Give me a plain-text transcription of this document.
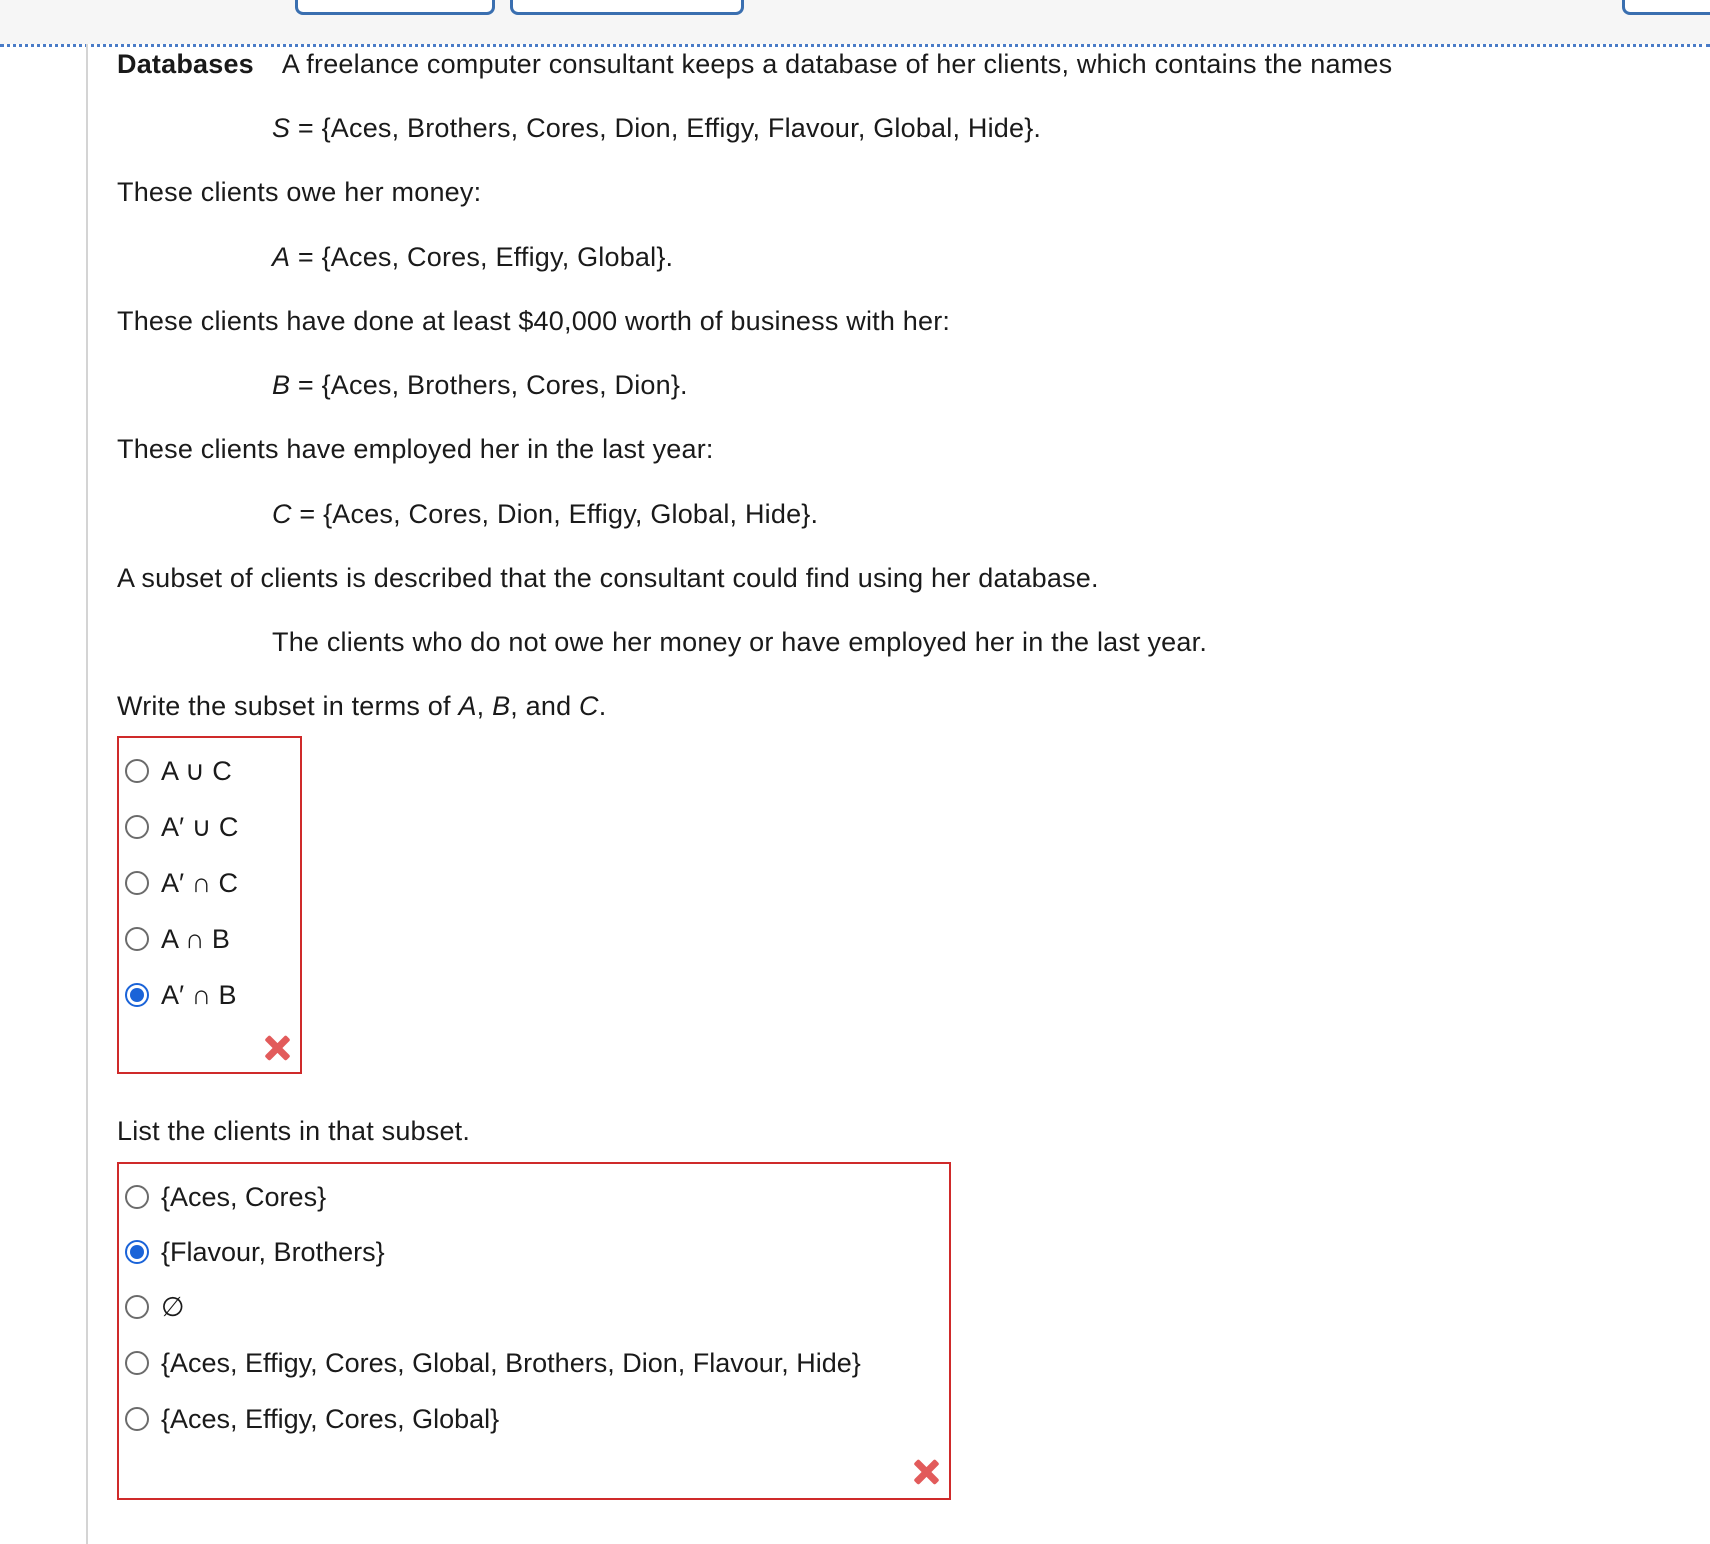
Databases A freelance computer consultant keeps a database of her clients, which contains the names
S = {Aces, Brothers, Cores, Dion, Effigy, Flavour, Global, Hide}.
These clients owe her money:
A = {Aces, Cores, Effigy, Global}.
These clients have done at least $40,000 worth of business with her:
B = {Aces, Brothers, Cores, Dion}.
These clients have employed her in the last year:
C = {Aces, Cores, Dion, Effigy, Global, Hide}.
A subset of clients is described that the consultant could find using her database.
The clients who do not owe her money or have employed her in the last year.
Write the subset in terms of A, B, and C.
A ∪ C
A′ ∪ C
A′ ∩ C
A ∩ B
A′ ∩ B
List the clients in that subset.
{Aces, Cores}
{Flavour, Brothers}
∅
{Aces, Effigy, Cores, Global, Brothers, Dion, Flavour, Hide}
{Aces, Effigy, Cores, Global}
